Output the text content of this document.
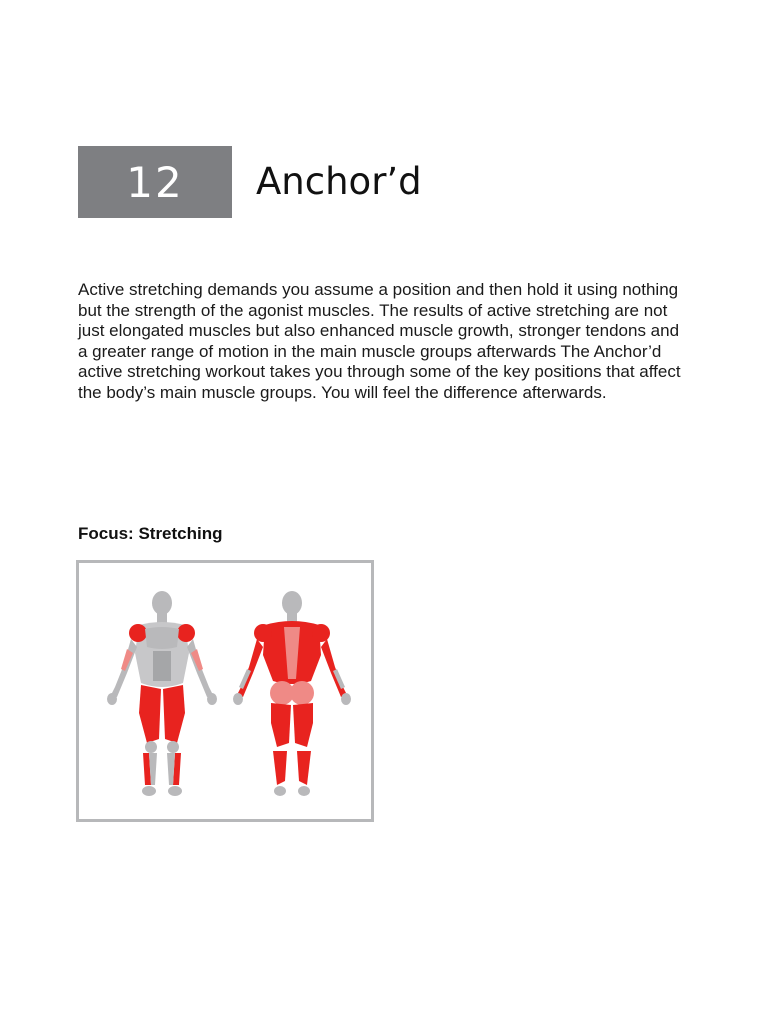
12 Anchor’d

Active stretching demands you assume a position and then hold it using nothing but the strength of the agonist muscles. The results of active stretching are not just elongated muscles but also enhanced muscle growth, stronger tendons and a greater range of motion in the main muscle groups afterwards The Anchor’d active stretching workout takes you through some of the key positions that affect the body’s main muscle groups. You will feel the difference afterwards.

Focus: Stretching
